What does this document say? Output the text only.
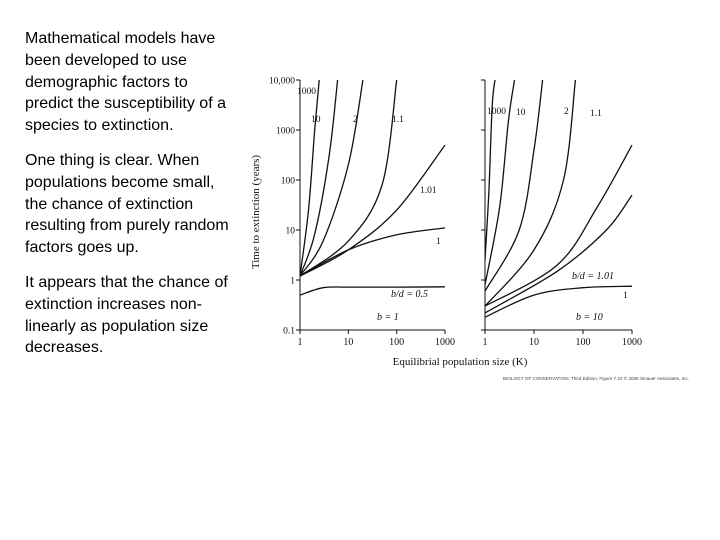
Mathematical models have been developed to use demographic factors to predict the susceptibility of a species to extinction.

One thing is clear. When populations become small, the chance of extinction resulting from purely random factors goes up.

It appears that the chance of extinction increases non-linearly as population size decreases.	1	10	100	1000
0.1
1
10
100
1000
10,000
1000
10	2	1.1
1.01
1
b/d = 0.5
b = 1
1	10	100	1000
1000 10	2 1.1
1
b/d = 1.01
b = 10
Time to extinction (years)
Equilibrial population size (K)
BIOLOGY OF CONSERVATION, Third Edition, Figure 7.23 © 2006 Sinauer Associates, Inc.
